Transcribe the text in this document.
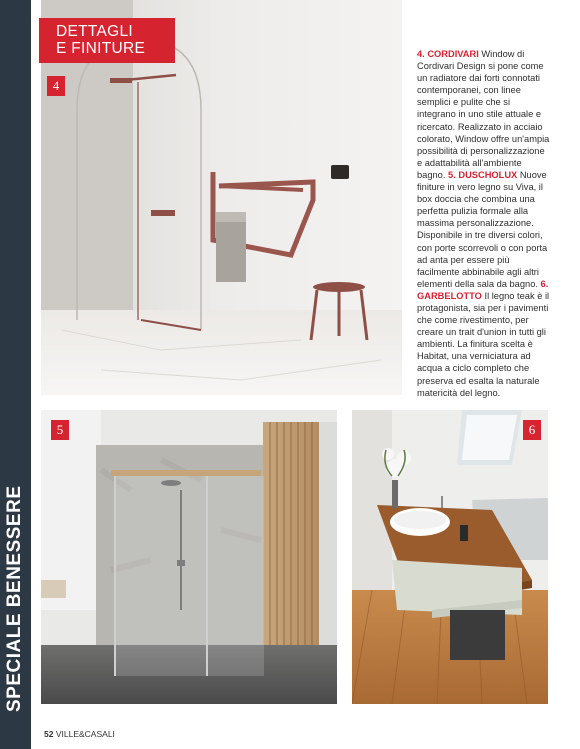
SPECIALE BENESSERE
4
DETTAGLI
E FINITURE	4. CORDIVARI Window di Cordivari Design si pone come un radiatore dai forti connotati contemporanei, con linee semplici e pulite che si integrano in uno stile attuale e ricercato. Realizzato in acciaio colorato, Window offre un'ampia possibilità di personalizzazione e adattabilità all'ambiente bagno. 5. DUSCHOLUX Nuove finiture in vero legno su Viva, il box doccia che combina una perfetta pulizia formale alla massima personalizzazione. Disponibile in tre diversi colori, con porte scorrevoli o con porta ad anta per essere più facilmente abbinabile agli altri elementi della sala da bagno. 6. GARBELOTTO Il legno teak è il protagonista, sia per i pavimenti che come rivestimento, per creare un trait d'union in tutti gli ambienti. La finitura scelta è Habitat, una verniciatura ad acqua a ciclo completo che preserva ed esalta la naturale matericità del legno.
5	6
52 VILLE&CASALI
